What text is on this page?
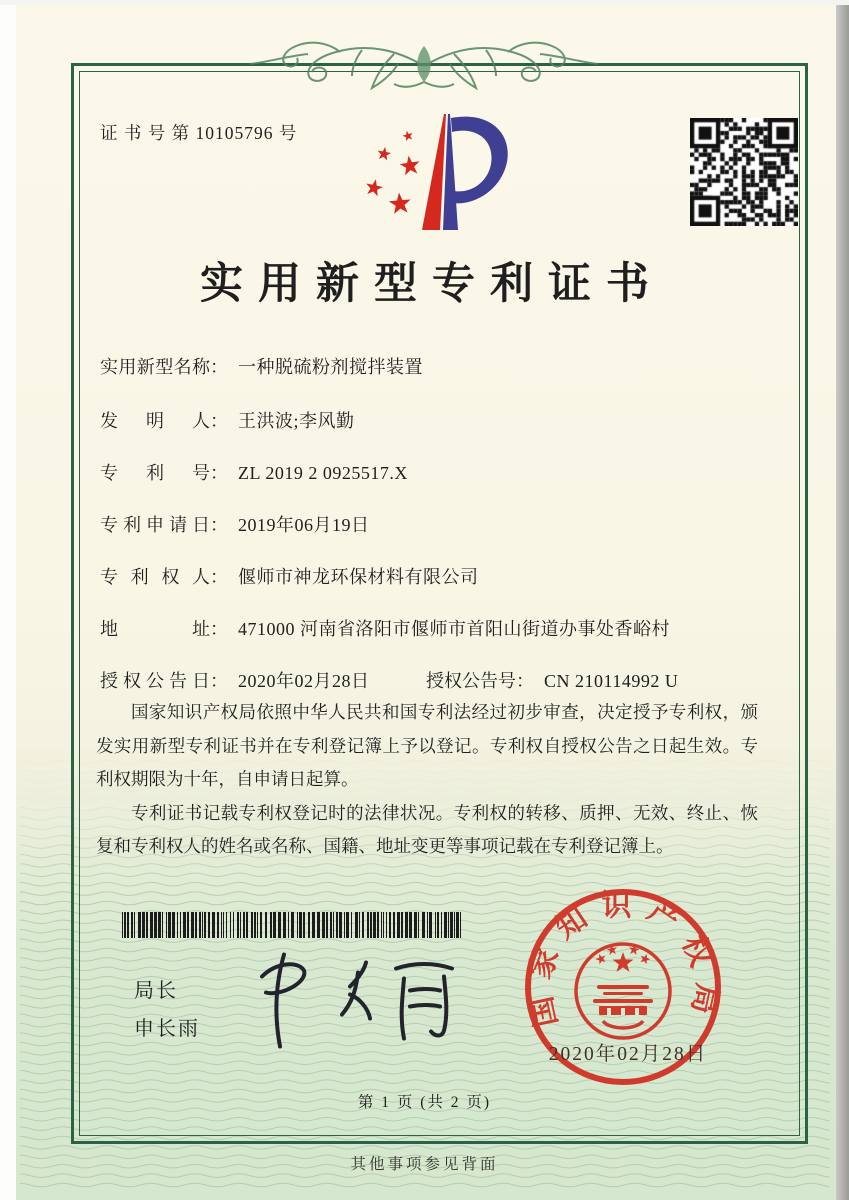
证 书 号 第 10105796 号
实用新型专利证书
实用新型名称： 一种脱硫粉剂搅拌装置
发明人： 王洪波;李风勤
专利号： ZL 2019 2 0925517.X
专利申请日： 2019年06月19日
专利权人： 偃师市神龙环保材料有限公司
地址： 471000 河南省洛阳市偃师市首阳山街道办事处香峪村
授权公告日： 2020年02月28日	授权公告号： CN 210114992 U

国家知识产权局依照中华人民共和国专利法经过初步审查，决定授予专利权，颁发实用新型专利证书并在专利登记簿上予以登记。专利权自授权公告之日起生效。专利权期限为十年，自申请日起算。

专利证书记载专利权登记时的法律状况。专利权的转移、质押、无效、终止、恢复和专利权人的姓名或名称、国籍、地址变更等事项记载在专利登记簿上。

局长
申长雨	国家知识产权局
2020年02月28日
第 1 页 (共 2 页)
其他事项参见背面
